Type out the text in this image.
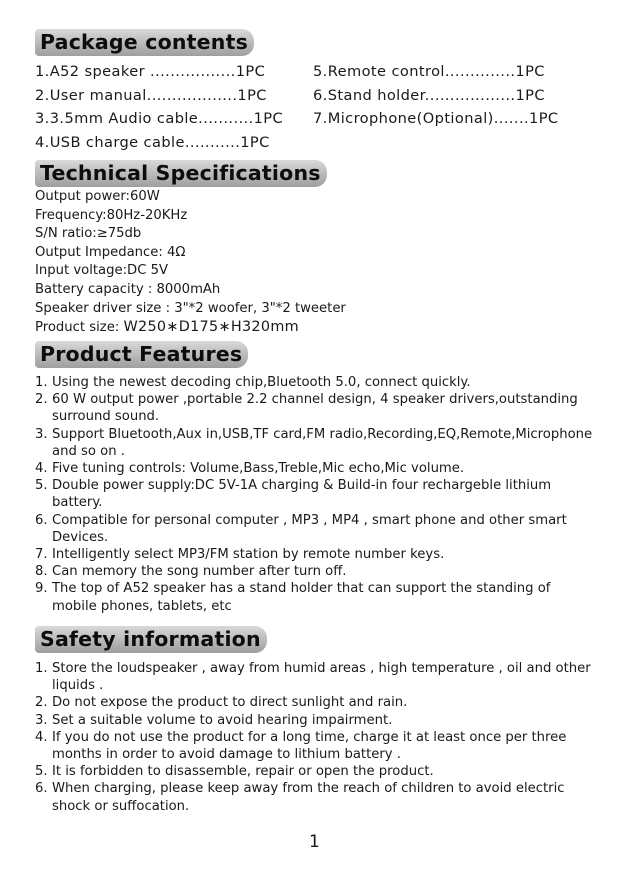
Package contents
1.A52 speaker .................1PC
2.User manual..................1PC
3.3.5mm Audio cable...........1PC
4.USB charge cable...........1PC
5.Remote control..............1PC
6.Stand holder..................1PC
7.Microphone(Optional).......1PC
Technical Specifications
Output power:60W
Frequency:80Hz-20KHz
S/N ratio:≥75db
Output Impedance: 4Ω
Input voltage:DC 5V
Battery capacity : 8000mAh
Speaker driver size : 3"*2 woofer, 3"*2 tweeter
Product size: W250∗D175∗H320mm
Product Features
1. Using the newest decoding chip,Bluetooth 5.0, connect quickly.
2. 60 W output power ,portable 2.2 channel design, 4 speaker drivers,outstanding
surround sound.
3. Support Bluetooth,Aux in,USB,TF card,FM radio,Recording,EQ,Remote,Microphone
and so on .
4. Five tuning controls: Volume,Bass,Treble,Mic echo,Mic volume.
5. Double power supply:DC 5V-1A charging & Build-in four rechargeble lithium
battery.
6. Compatible for personal computer , MP3 , MP4 , smart phone and other smart
Devices.
7. Intelligently select MP3/FM station by remote number keys.
8. Can memory the song number after turn off.
9. The top of A52 speaker has a stand holder that can support the standing of
mobile phones, tablets, etc
Safety information
1. Store the loudspeaker , away from humid areas , high temperature , oil and other
liquids .
2. Do not expose the product to direct sunlight and rain.
3. Set a suitable volume to avoid hearing impairment.
4. If you do not use the product for a long time, charge it at least once per three
months in order to avoid damage to lithium battery .
5. It is forbidden to disassemble, repair or open the product.
6. When charging, please keep away from the reach of children to avoid electric
shock or suffocation.
1
